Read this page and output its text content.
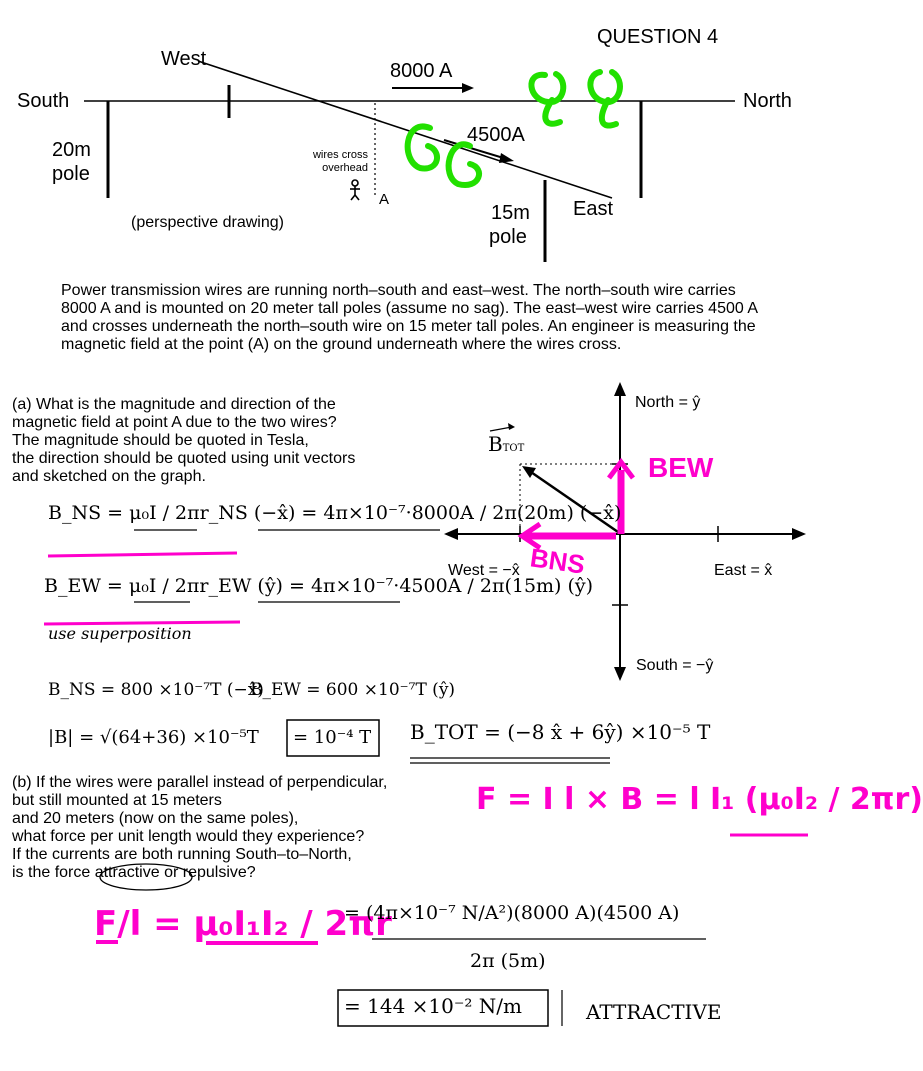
QUESTION 4
West
South	North
8000 A
4500A
20m
pole
wires cross
overhead
A	East
15m
pole
(perspective drawing)
Power transmission wires are running north–south and east–west. The north–south wire carries 8000 A and is mounted on 20 meter tall poles (assume no sag). The east–west wire carries 4500 A and crosses underneath the north–south wire on 15 meter tall poles. An engineer is measuring the magnetic field at the point (A) on the ground underneath where the wires cross.
(a) What is the magnitude and direction of the
magnetic field at point A due to the two wires?
The magnitude should be quoted in Tesla,
the direction should be quoted using unit vectors
and sketched on the graph.
(b) If the wires were parallel instead of perpendicular,
but still mounted at 15 meters
and 20 meters (now on the same poles),
what force per unit length would they experience?
If the currents are both running South–to–North,
is the force attractive or repulsive?
North = ŷ
South = −ŷ
East = x̂
West = −x̂
BTOT
BEW
BNS
B_NS = μ₀I / 2πr_NS (−x̂) = 4π×10⁻⁷·8000A / 2π(20m) (−x̂)
B_EW = μ₀I / 2πr_EW (ŷ) = 4π×10⁻⁷·4500A / 2π(15m) (ŷ)
use superposition
B_NS = 800 ×10⁻⁷T (−x̂)
B_EW = 600 ×10⁻⁷T (ŷ)
|B| = √(64+36) ×10⁻⁵T = 10⁻⁴ T B_TOT = (−8 x̂ + 6ŷ) ×10⁻⁵ T
F = I l × B = l I₁ (μ₀I₂ / 2πr)
F/l = μ₀I₁I₂ / 2πr
= (4π×10⁻⁷ N/A²)(8000 A)(4500 A)
2π (5m)
= 144 ×10⁻² N/m	ATTRACTIVE
